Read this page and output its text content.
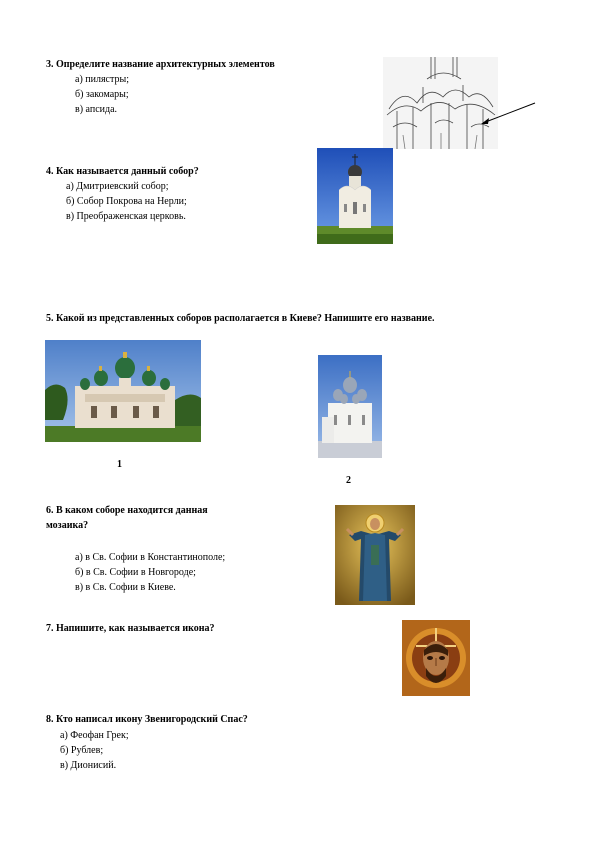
3. Определите название архитектурных элементов
а) пилястры;
б) закомары;
в) апсида.
4. Как называется данный собор?
а) Дмитриевский собор;
б) Собор Покрова на Нерли;
в) Преображенская церковь.
5. Какой из представленных соборов располагается в Киеве? Напишите его название.
1
2
6. В каком соборе находится данная
мозаика?
а) в Св. Софии в Константинополе;
б) в Св. Софии в Новгороде;
в) в Св. Софии в Киеве.
7. Напишите, как называется икона?
8. Кто написал икону Звенигородский Спас?
а) Феофан Грек;
б) Рублев;
в) Дионисий.
